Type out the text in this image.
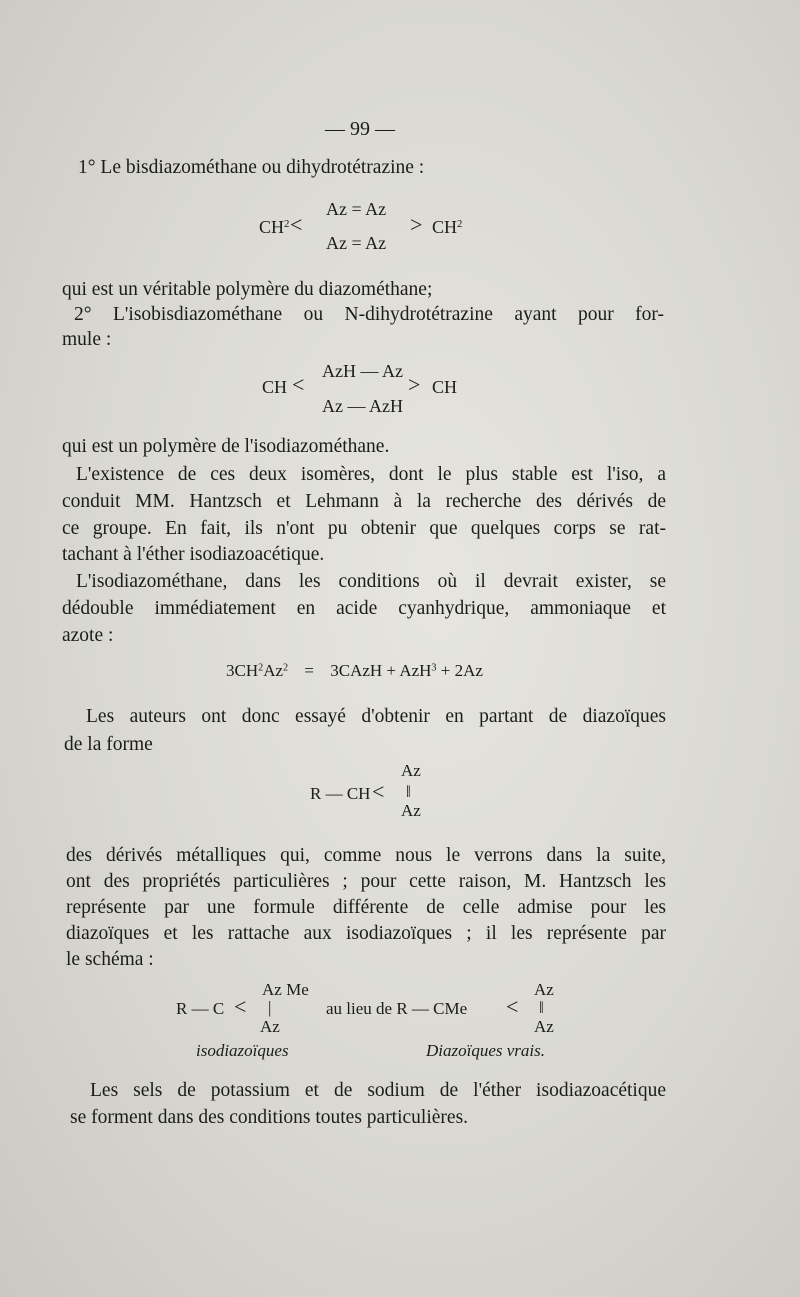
— 99 —
1° Le bisdiazométhane ou dihydrotétrazine :
$CH^2$ <
Az = Az
Az = Az
> $CH^2$
qui est un véritable polymère du diazométhane;
2° L'isobisdiazométhane ou N-dihydrotétrazine ayant pour for-
mule :
CH <
AzH — Az
Az — AzH
> CH
qui est un polymère de l'isodiazométhane.
L'existence de ces deux isomères, dont le plus stable est l'iso, a
conduit MM. Hantzsch et Lehmann à la recherche des dérivés de
ce groupe. En fait, ils n'ont pu obtenir que quelques corps se rat-
tachant à l'éther isodiazoacétique.
L'isodiazométhane, dans les conditions où il devrait exister, se
dédouble immédiatement en acide cyanhydrique, ammoniaque et
azote :
$3CH^2Az^2$ = 3CAzH + AzH$^3$ + 2Az
Les auteurs ont donc essayé d'obtenir en partant de diazoïques
de la forme
Az
R — CH < ‖
Az
des dérivés métalliques qui, comme nous le verrons dans la suite,
ont des propriétés particulières ; pour cette raison, M. Hantzsch les
représente par une formule différente de celle admise pour les
diazoïques et les rattache aux isodiazoïques ; il les représente par
le schéma :
Az Me
R — C < |
Az
isodiazoïques
au lieu de R — CMe <
Az
‖
Az
Diazoïques vrais.
Les sels de potassium et de sodium de l'éther isodiazoacétique
se forment dans des conditions toutes particulières.
